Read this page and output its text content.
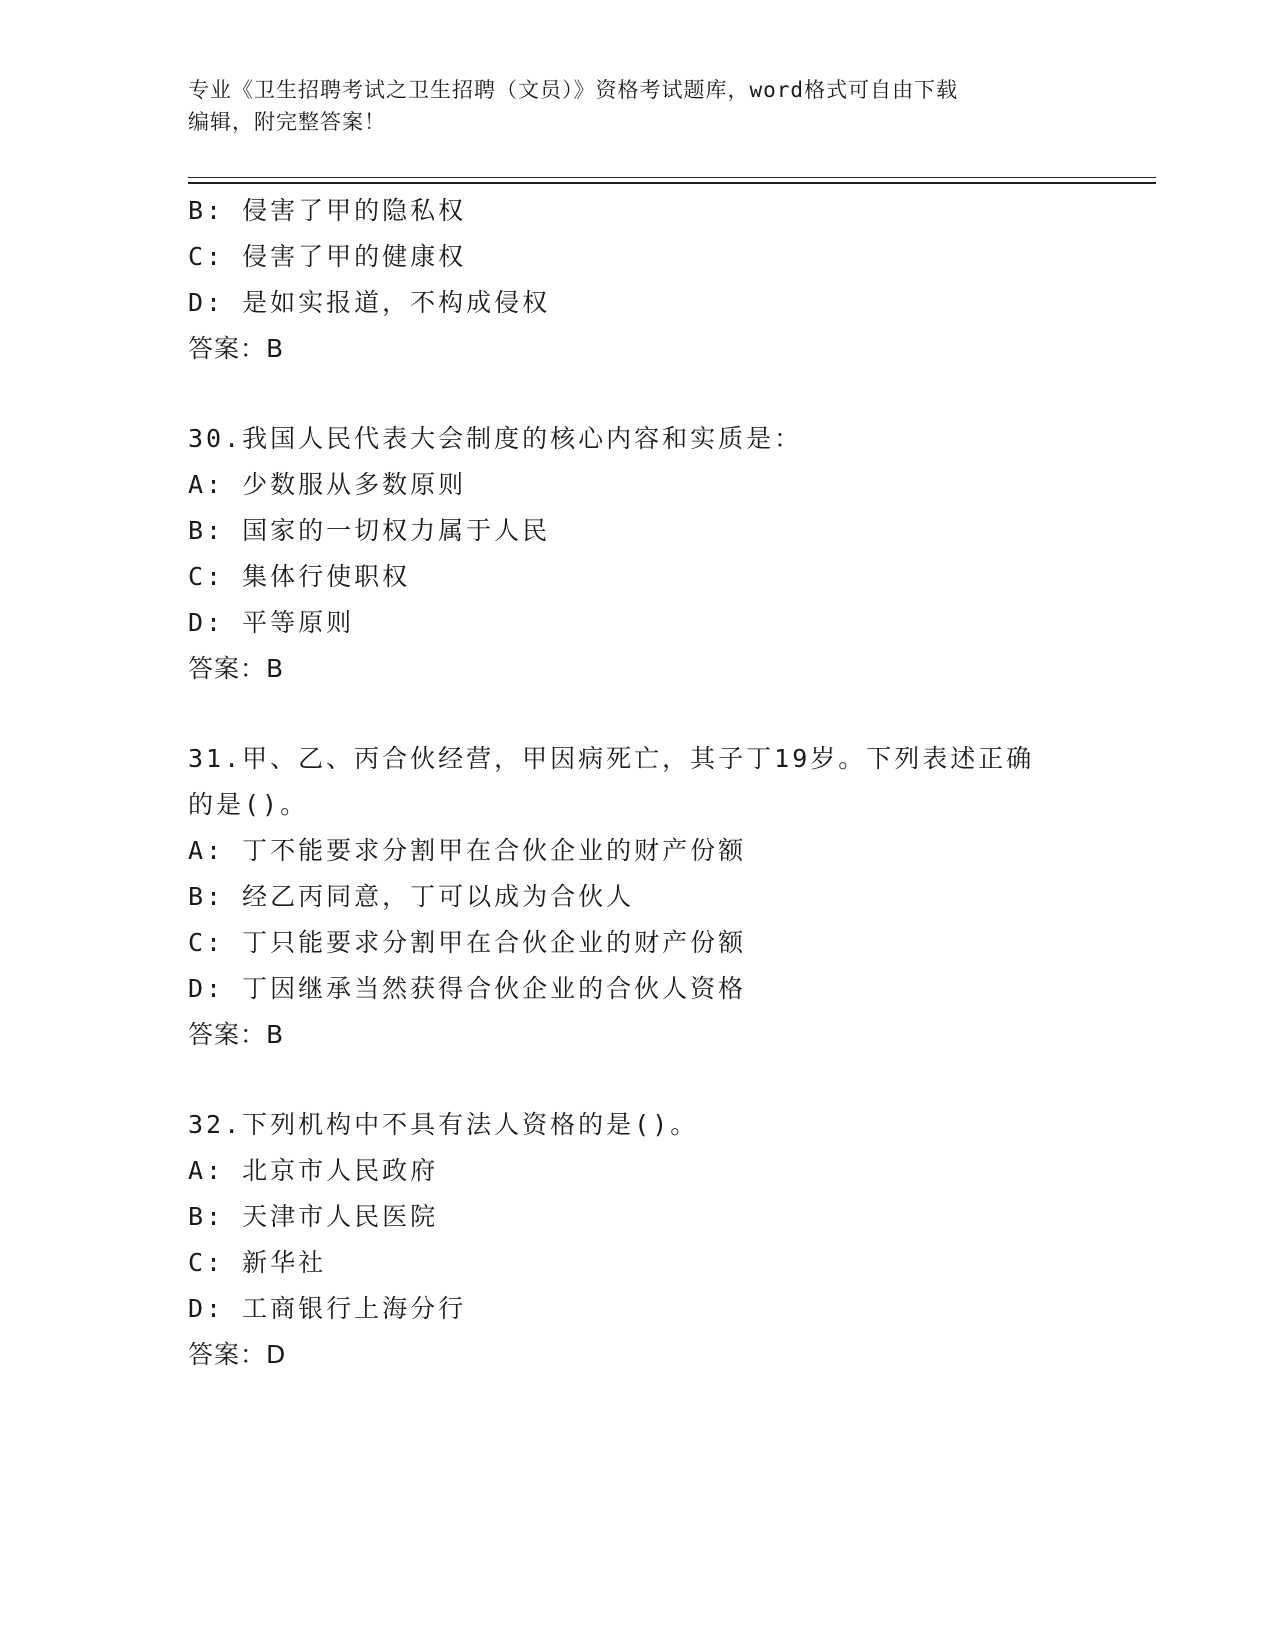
专业《卫生招聘考试之卫生招聘（文员）》资格考试题库，word格式可自由下载
编辑，附完整答案！
B: 侵害了甲的隐私权
C: 侵害了甲的健康权
D: 是如实报道，不构成侵权
答案：B
30.我国人民代表大会制度的核心内容和实质是：
A: 少数服从多数原则
B: 国家的一切权力属于人民
C: 集体行使职权
D: 平等原则
答案：B
31.甲、乙、丙合伙经营，甲因病死亡，其子丁19岁。下列表述正确
的是()。
A: 丁不能要求分割甲在合伙企业的财产份额
B: 经乙丙同意，丁可以成为合伙人
C: 丁只能要求分割甲在合伙企业的财产份额
D: 丁因继承当然获得合伙企业的合伙人资格
答案：B
32.下列机构中不具有法人资格的是()。
A: 北京市人民政府
B: 天津市人民医院
C: 新华社
D: 工商银行上海分行
答案：D
